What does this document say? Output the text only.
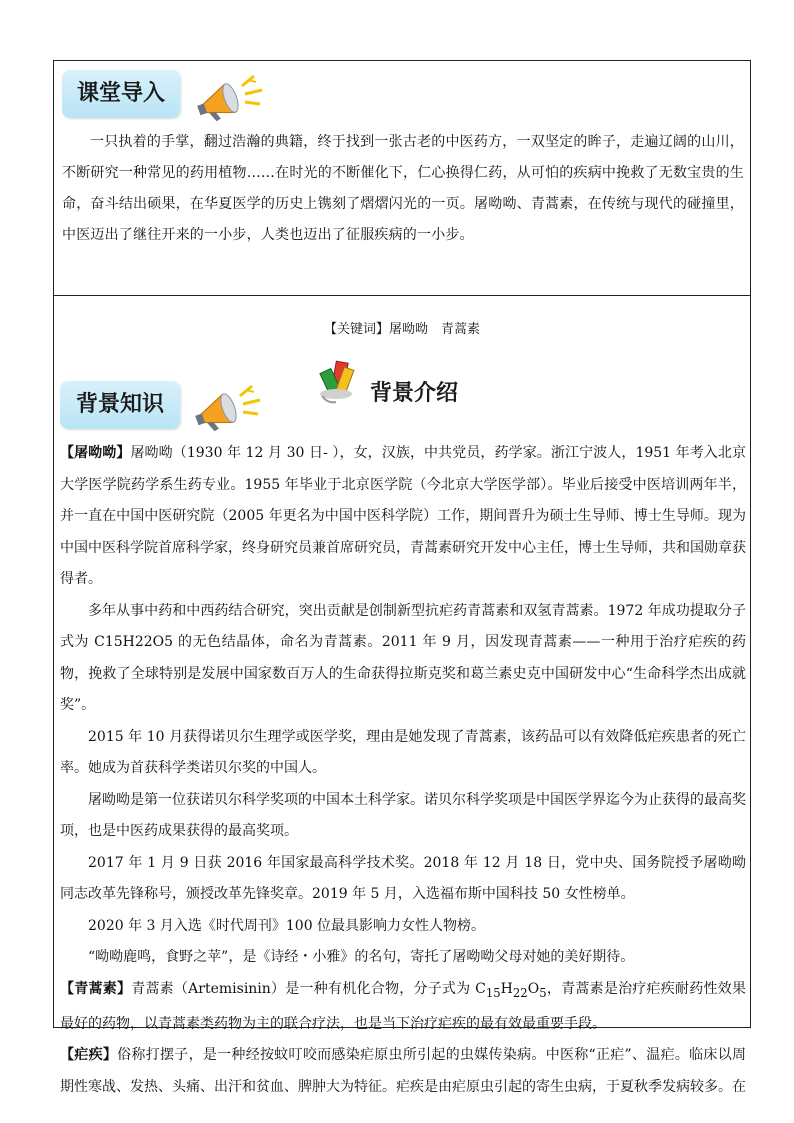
课堂导入

一只执着的手掌，翻过浩瀚的典籍，终于找到一张古老的中医药方，一双坚定的眸子，走遍辽阔的山川，不断研究一种常见的药用植物……在时光的不断催化下，仁心换得仁药，从可怕的疾病中挽救了无数宝贵的生命，奋斗结出硕果，在华夏医学的历史上镌刻了熠熠闪光的一页。屠呦呦、青蒿素，在传统与现代的碰撞里，中医迈出了继往开来的一小步，人类也迈出了征服疾病的一小步。

【关键词】屠呦呦　青蒿素
背景知识	背景介绍

【屠呦呦】屠呦呦（1930 年 12 月 30 日- ），女，汉族，中共党员，药学家。浙江宁波人，1951 年考入北京大学医学院药学系生药专业。1955 年毕业于北京医学院（今北京大学医学部）。毕业后接受中医培训两年半，并一直在中国中医研究院（2005 年更名为中国中医科学院）工作，期间晋升为硕士生导师、博士生导师。现为中国中医科学院首席科学家，终身研究员兼首席研究员，青蒿素研究开发中心主任，博士生导师，共和国勋章获得者。

多年从事中药和中西药结合研究，突出贡献是创制新型抗疟药青蒿素和双氢青蒿素。1972 年成功提取分子式为 C15H22O5 的无色结晶体，命名为青蒿素。2011 年 9 月，因发现青蒿素——一种用于治疗疟疾的药物，挽救了全球特别是发展中国家数百万人的生命获得拉斯克奖和葛兰素史克中国研发中心“生命科学杰出成就奖”。

2015 年 10 月获得诺贝尔生理学或医学奖，理由是她发现了青蒿素，该药品可以有效降低疟疾患者的死亡率。她成为首获科学类诺贝尔奖的中国人。

屠呦呦是第一位获诺贝尔科学奖项的中国本土科学家。诺贝尔科学奖项是中国医学界迄今为止获得的最高奖项，也是中医药成果获得的最高奖项。

2017 年 1 月 9 日获 2016 年国家最高科学技术奖。2018 年 12 月 18 日，党中央、国务院授予屠呦呦同志改革先锋称号，颁授改革先锋奖章。2019 年 5 月，入选福布斯中国科技 50 女性榜单。

2020 年 3 月入选《时代周刊》100 位最具影响力女性人物榜。

“呦呦鹿鸣，食野之苹”，是《诗经・小雅》的名句，寄托了屠呦呦父母对她的美好期待。

【青蒿素】青蒿素（Artemisinin）是一种有机化合物，分子式为 $C_{15}H_{22}O_5$，青蒿素是治疗疟疾耐药性效果最好的药物，以青蒿素类药物为主的联合疗法，也是当下治疗疟疾的最有效最重要手段。

【疟疾】俗称打摆子，是一种经按蚊叮咬而感染疟原虫所引起的虫媒传染病。中医称“正疟”、温疟。临床以周期性寒战、发热、头痛、出汗和贫血、脾肿大为特征。疟疾是由疟原虫引起的寄生虫病，于夏秋季发病较多。在
